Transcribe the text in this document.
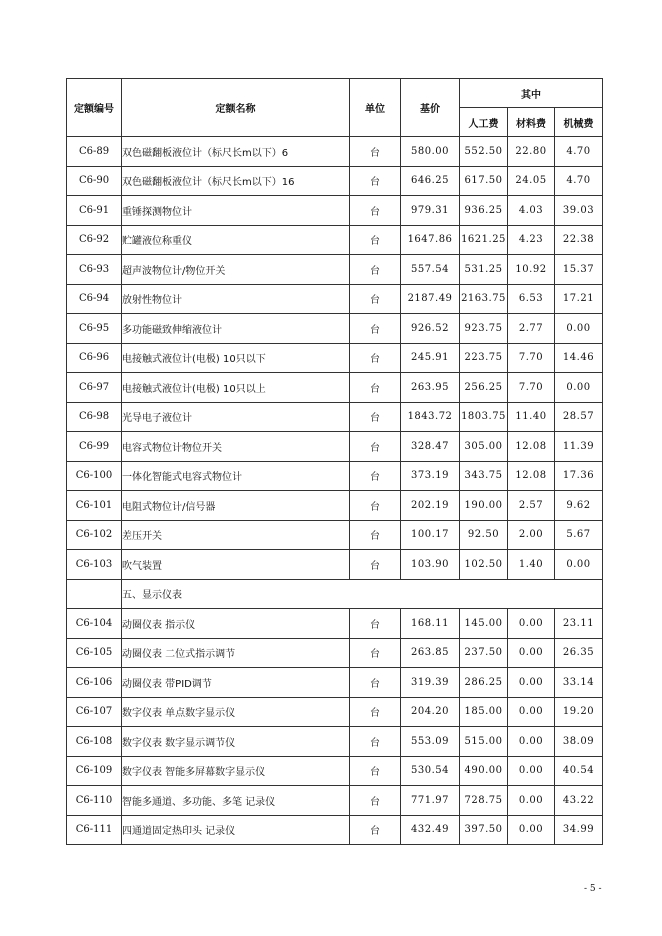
定额编号	定额名称	单位	基价	其中		
				人工费	材料费	机械费
C6-89	双色磁翻板液位计（标尺长m以下）6	台	580.00	552.50	22.80	4.70
C6-90	双色磁翻板液位计（标尺长m以下）16	台	646.25	617.50	24.05	4.70
C6-91	重锤探测物位计	台	979.31	936.25	4.03	39.03
C6-92	贮罐液位称重仪	台	1647.86	1621.25	4.23	22.38
C6-93	超声波物位计/物位开关	台	557.54	531.25	10.92	15.37
C6-94	放射性物位计	台	2187.49	2163.75	6.53	17.21
C6-95	多功能磁致伸缩液位计	台	926.52	923.75	2.77	0.00
C6-96	电接触式液位计(电极) 10只以下	台	245.91	223.75	7.70	14.46
C6-97	电接触式液位计(电极) 10只以上	台	263.95	256.25	7.70	0.00
C6-98	光导电子液位计	台	1843.72	1803.75	11.40	28.57
C6-99	电容式物位计物位开关	台	328.47	305.00	12.08	11.39
C6-100	一体化智能式电容式物位计	台	373.19	343.75	12.08	17.36
C6-101	电阻式物位计/信号器	台	202.19	190.00	2.57	9.62
C6-102	差压开关	台	100.17	92.50	2.00	5.67
C6-103	吹气装置	台	103.90	102.50	1.40	0.00
	五、显示仪表					
C6-104	动圈仪表 指示仪	台	168.11	145.00	0.00	23.11
C6-105	动圈仪表 二位式指示调节	台	263.85	237.50	0.00	26.35
C6-106	动圈仪表 带PID调节	台	319.39	286.25	0.00	33.14
C6-107	数字仪表 单点数字显示仪	台	204.20	185.00	0.00	19.20
C6-108	数字仪表 数字显示调节仪	台	553.09	515.00	0.00	38.09
C6-109	数字仪表 智能多屏幕数字显示仪	台	530.54	490.00	0.00	40.54
C6-110	智能多通道、多功能、多笔 记录仪	台	771.97	728.75	0.00	43.22
C6-111	四通道固定热印头 记录仪	台	432.49	397.50	0.00	34.99
- 5 -
